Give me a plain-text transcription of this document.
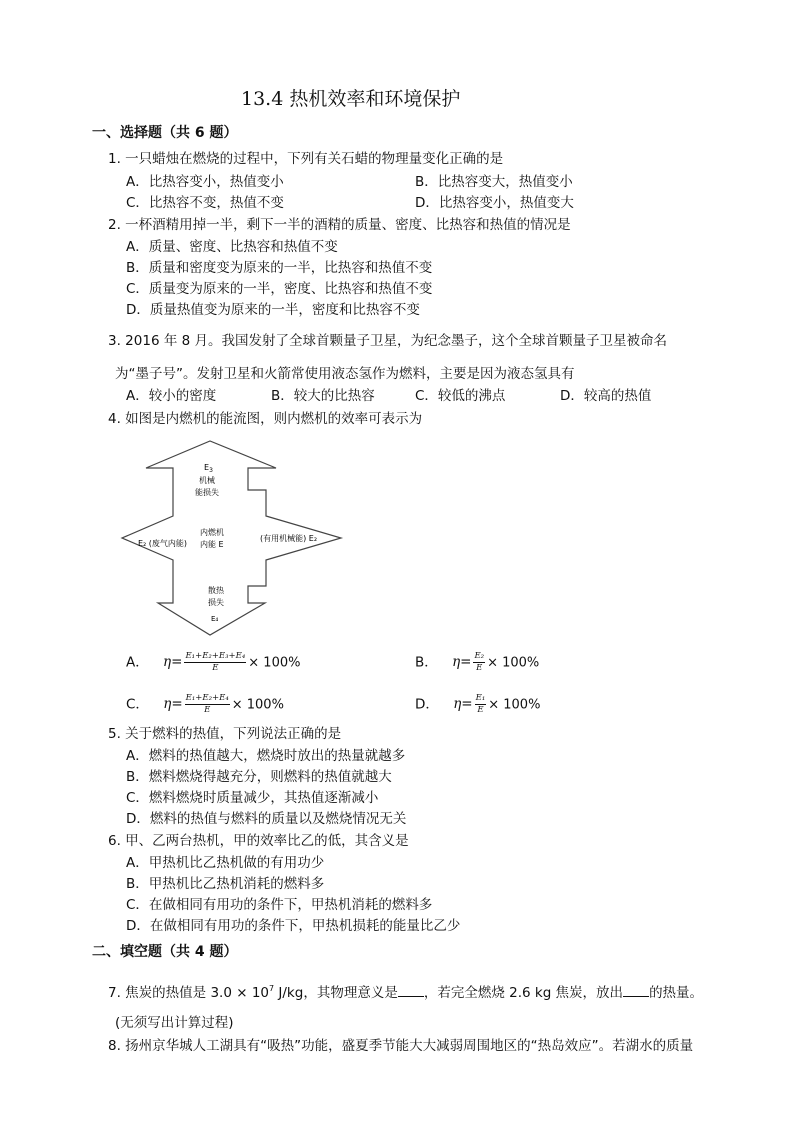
13.4 热机效率和环境保护
一、选择题（共 6 题）
1. 一只蜡烛在燃烧的过程中，下列有关石蜡的物理量变化正确的是
A．比热容变小，热值变小	B．比热容变大，热值变小
C．比热容不变，热值不变	D．比热容变小，热值变大
2. 一杯酒精用掉一半，剩下一半的酒精的质量、密度、比热容和热值的情况是
A．质量、密度、比热容和热值不变
B．质量和密度变为原来的一半，比热容和热值不变
C．质量变为原来的一半，密度、比热容和热值不变
D．质量热值变为原来的一半，密度和比热容不变
3. 2016 年 8 月。我国发射了全球首颗量子卫星，为纪念墨子，这个全球首颗量子卫星被命名
为“墨子号”。发射卫星和火箭常使用液态氢作为燃料，主要是因为液态氢具有
A．较小的密度	B．较大的比热容	C．较低的沸点	D．较高的热值
4. 如图是内燃机的能流图，则内燃机的效率可表示为
$E_3$
机械
能损失
内燃机
内能 E
E₂ (废气内能)
(有用机械能) E₂
散热
损失
E₄
A． $\eta= \frac{\text{E₁+E₂+E₃+E₄}}{E} \times 100\%$	B． $\eta= \frac{\text{E₂}}{E} \times 100\%$
C． $\eta= \frac{\text{E₁+E₂+E₄}}{E} \times 100\%$	D． $\eta= \frac{\text{E₁}}{E} \times 100\%$
5. 关于燃料的热值，下列说法正确的是
A．燃料的热值越大，燃烧时放出的热量就越多
B．燃料燃烧得越充分，则燃料的热值就越大
C．燃料燃烧时质量减少，其热值逐渐减小
D．燃料的热值与燃料的质量以及燃烧情况无关
6. 甲、乙两台热机，甲的效率比乙的低，其含义是
A．甲热机比乙热机做的有用功少
B．甲热机比乙热机消耗的燃料多
C．在做相同有用功的条件下，甲热机消耗的燃料多
D．在做相同有用功的条件下，甲热机损耗的能量比乙少
二、填空题（共 4 题）
7. 焦炭的热值是 $3.0 \times 10^7$ J/kg，其物理意义是 ，若完全燃烧 2.6 kg 焦炭，放出 的热量。
(无须写出计算过程)
8. 扬州京华城人工湖具有“吸热”功能，盛夏季节能大大减弱周围地区的“热岛效应”。若湖水的质量
